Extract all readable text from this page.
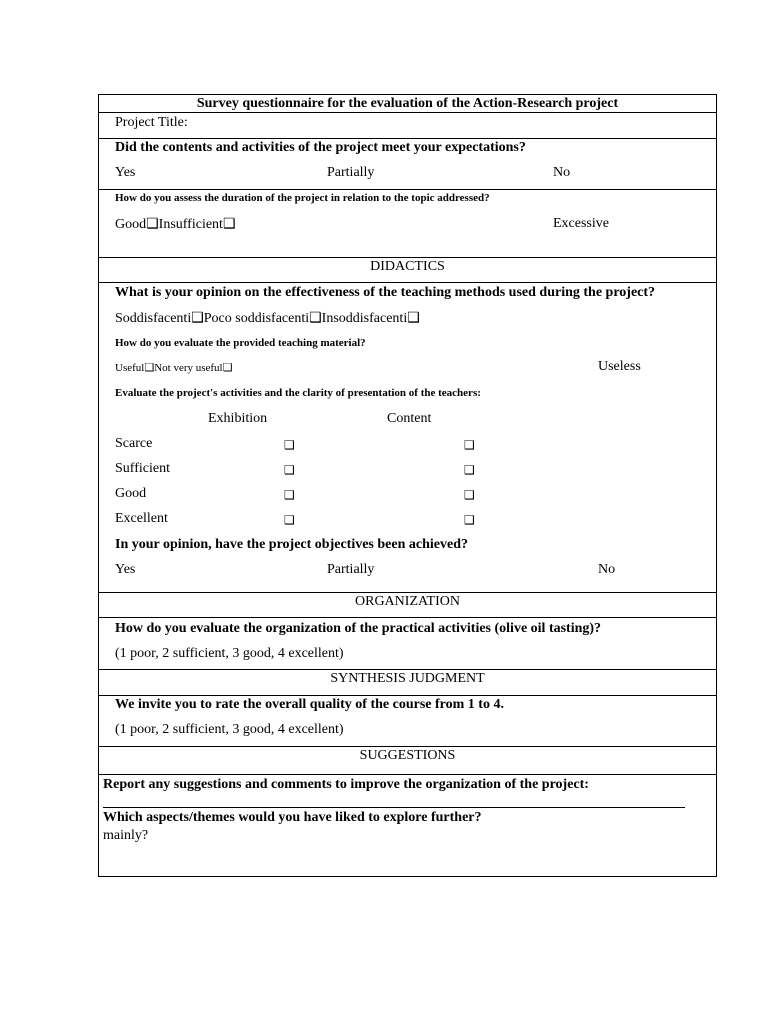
Survey questionnaire for the evaluation of the Action-Research project
Project Title:
Did the contents and activities of the project meet your expectations?
Yes	Partially	No
How do you assess the duration of the project in relation to the topic addressed?
Good❑Insufficient❑	Excessive
DIDACTICS
What is your opinion on the effectiveness of the teaching methods used during the project?
Soddisfacenti❑Poco soddisfacenti❑Insoddisfacenti❑
How do you evaluate the provided teaching material?
Useful❑Not very useful❑	Useless
Evaluate the project's activities and the clarity of presentation of the teachers:
Exhibition	Content
Scarce	❑	❑
Sufficient	❑	❑
Good	❑	❑
Excellent	❑	❑
In your opinion, have the project objectives been achieved?
Yes	Partially	No
ORGANIZATION
How do you evaluate the organization of the practical activities (olive oil tasting)?
(1 poor, 2 sufficient, 3 good, 4 excellent)
SYNTHESIS JUDGMENT
We invite you to rate the overall quality of the course from 1 to 4.
(1 poor, 2 sufficient, 3 good, 4 excellent)
SUGGESTIONS
Report any suggestions and comments to improve the organization of the project:
Which aspects/themes would you have liked to explore further?
mainly?
